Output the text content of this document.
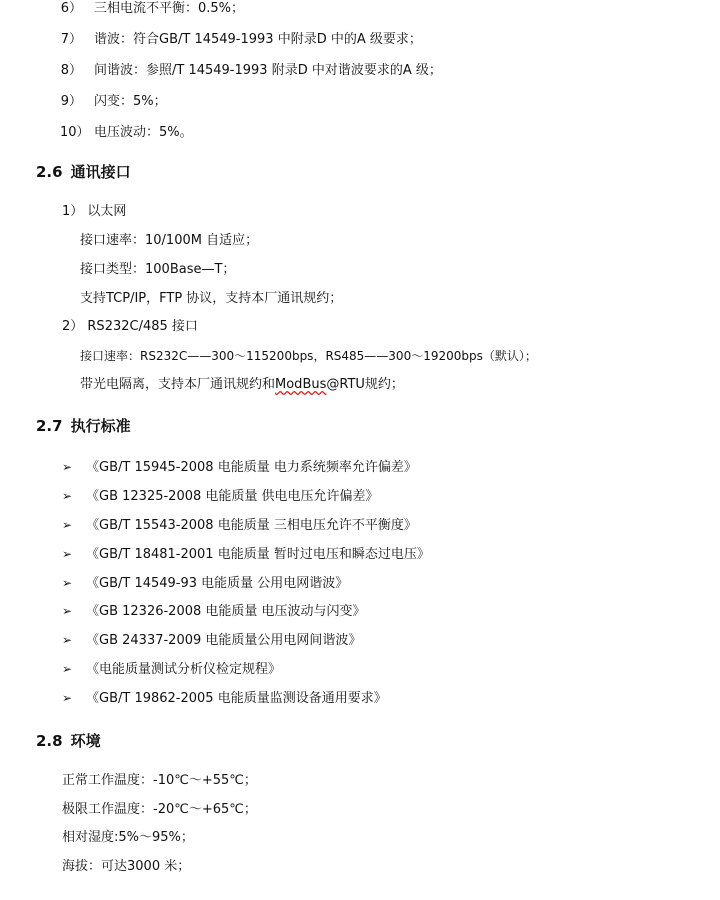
6） 三相电流不平衡：0.5%；
7） 谐波：符合GB/T 14549-1993 中附录D 中的A 级要求；
8） 间谐波：参照/T 14549-1993 附录D 中对谐波要求的A 级；
9） 闪变：5%；
10） 电压波动：5%。
2.6 通讯接口
1） 以太网
接口速率：10/100M 自适应；
接口类型：100Base—T；
支持TCP/IP，FTP 协议，支持本厂通讯规约；
2） RS232C/485 接口
接口速率：RS232C——300～115200bps，RS485——300～19200bps（默认）；
带光电隔离，支持本厂通讯规约和ModBus@RTU规约；
2.7 执行标准
➢ 《GB/T 15945-2008 电能质量 电力系统频率允许偏差》
➢ 《GB 12325-2008 电能质量 供电电压允许偏差》
➢ 《GB/T 15543-2008 电能质量 三相电压允许不平衡度》
➢ 《GB/T 18481-2001 电能质量 暂时过电压和瞬态过电压》
➢ 《GB/T 14549-93 电能质量 公用电网谐波》
➢ 《GB 12326-2008 电能质量 电压波动与闪变》
➢ 《GB 24337-2009 电能质量公用电网间谐波》
➢ 《电能质量测试分析仪检定规程》
➢ 《GB/T 19862-2005 电能质量监测设备通用要求》
2.8 环境
正常工作温度：-10℃～+55℃；
极限工作温度：-20℃～+65℃；
相对湿度:5%～95%；
海拔：可达3000 米；
